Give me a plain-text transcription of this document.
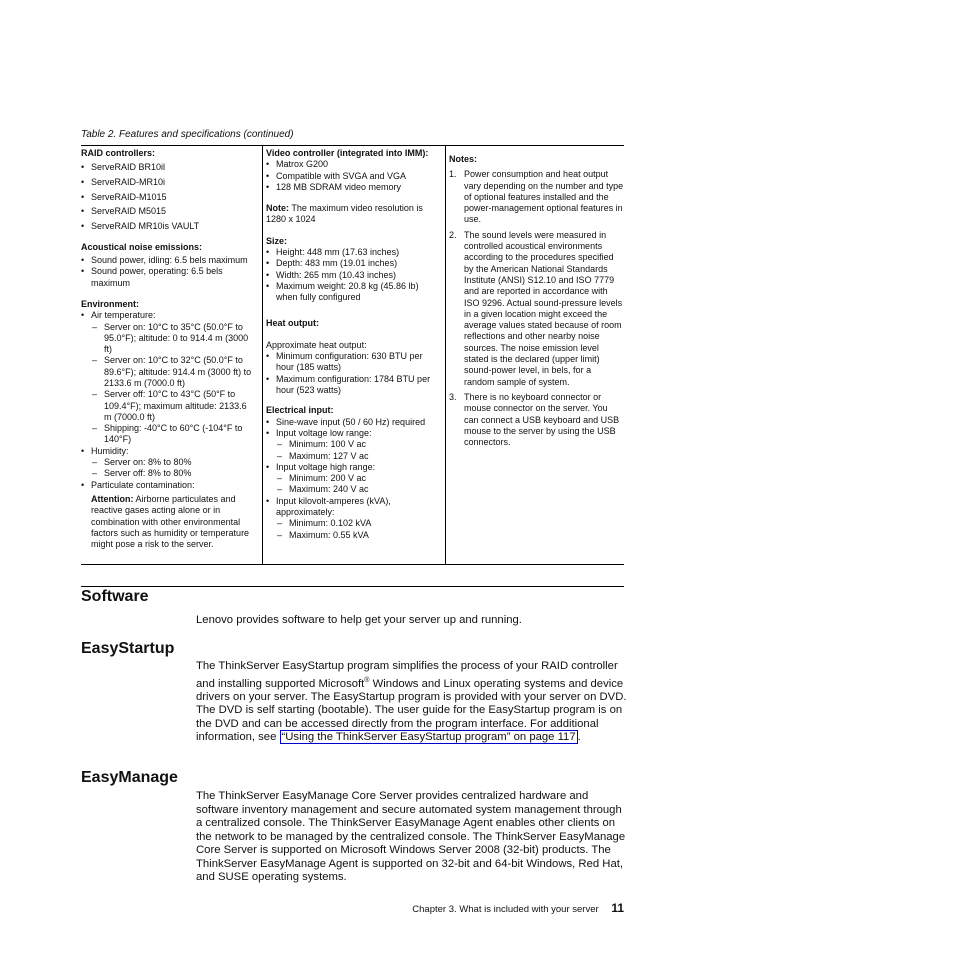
Table 2. Features and specifications (continued)
RAID controllers:
• ServeRAID BR10il
• ServeRAID-MR10i
• ServeRAID-M1015
• ServeRAID M5015
• ServeRAID MR10is VAULT
Acoustical noise emissions:
• Sound power, idling: 6.5 bels maximum
• Sound power, operating: 6.5 bels maximum
Environment:
• Air temperature:
– Server on: 10°C to 35°C (50.0°F to 95.0°F); altitude: 0 to 914.4 m (3000 ft)
– Server on: 10°C to 32°C (50.0°F to 89.6°F); altitude: 914.4 m (3000 ft) to 2133.6 m (7000.0 ft)
– Server off: 10°C to 43°C (50°F to 109.4°F); maximum altitude: 2133.6 m (7000.0 ft)
– Shipping: -40°C to 60°C (-104°F to 140°F)
• Humidity:
– Server on: 8% to 80%
– Server off: 8% to 80%
• Particulate contamination:
Attention: Airborne particulates and reactive gases acting alone or in combination with other environmental factors such as humidity or temperature might pose a risk to the server.
Video controller (integrated into IMM):
• Matrox G200
• Compatible with SVGA and VGA
• 128 MB SDRAM video memory
Note: The maximum video resolution is 1280 x 1024
Size:
• Height: 448 mm (17.63 inches)
• Depth: 483 mm (19.01 inches)
• Width: 265 mm (10.43 inches)
• Maximum weight: 20.8 kg (45.86 lb) when fully configured
Heat output:
Approximate heat output:
• Minimum configuration: 630 BTU per hour (185 watts)
• Maximum configuration: 1784 BTU per hour (523 watts)
Electrical input:
• Sine-wave input (50 / 60 Hz) required
• Input voltage low range:
– Minimum: 100 V ac
– Maximum: 127 V ac
• Input voltage high range:
– Minimum: 200 V ac
– Maximum: 240 V ac
• Input kilovolt-amperes (kVA), approximately:
– Minimum: 0.102 kVA
– Maximum: 0.55 kVA
Notes:
1. Power consumption and heat output vary depending on the number and type of optional features installed and the power-management optional features in use.
2. The sound levels were measured in controlled acoustical environments according to the procedures specified by the American National Standards Institute (ANSI) S12.10 and ISO 7779 and are reported in accordance with ISO 9296. Actual sound-pressure levels in a given location might exceed the average values stated because of room reflections and other nearby noise sources. The noise emission level stated is the declared (upper limit) sound-power level, in bels, for a random sample of system.
3. There is no keyboard connector or mouse connector on the server. You can connect a USB keyboard and USB mouse to the server by using the USB connectors.
Software

Lenovo provides software to help get your server up and running.

EasyStartup

The ThinkServer EasyStartup program simplifies the process of your RAID controller and installing supported Microsoft® Windows and Linux operating systems and device drivers on your server. The EasyStartup program is provided with your server on DVD. The DVD is self starting (bootable). The user guide for the EasyStartup program is on the DVD and can be accessed directly from the program interface. For additional information, see “Using the ThinkServer EasyStartup program” on page 117 .

EasyManage

The ThinkServer EasyManage Core Server provides centralized hardware and software inventory management and secure automated system management through a centralized console. The ThinkServer EasyManage Agent enables other clients on the network to be managed by the centralized console. The ThinkServer EasyManage Core Server is supported on Microsoft Windows Server 2008 (32-bit) products. The ThinkServer EasyManage Agent is supported on 32-bit and 64-bit Windows, Red Hat, and SUSE operating systems.

Chapter 3. What is included with your server 11
